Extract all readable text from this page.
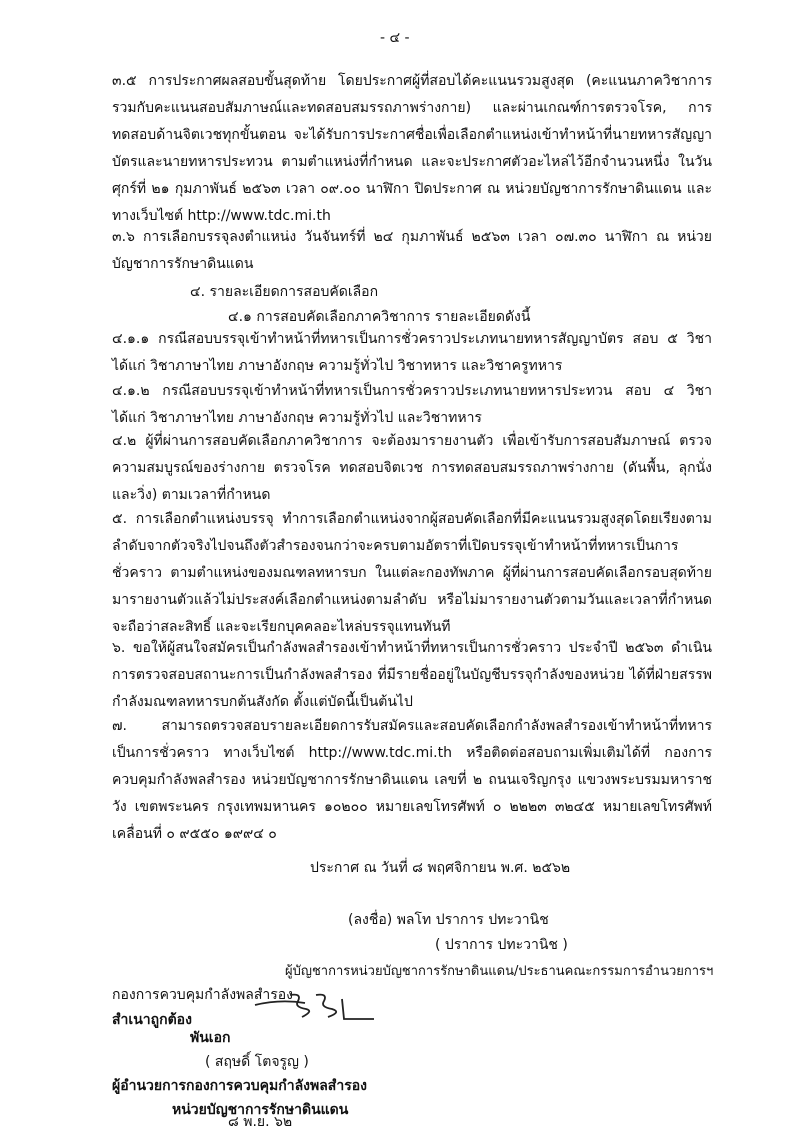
- ๔ -

๓.๕ การประกาศผลสอบขั้นสุดท้าย โดยประกาศผู้ที่สอบได้คะแนนรวมสูงสุด (คะแนนภาควิชาการรวมกับคะแนนสอบสัมภาษณ์และทดสอบสมรรถภาพร่างกาย) และผ่านเกณฑ์การตรวจโรค, การทดสอบด้านจิตเวชทุกขั้นตอน จะได้รับการประกาศชื่อเพื่อเลือกตำแหน่งเข้าทำหน้าที่นายทหารสัญญาบัตรและนายทหารประทวน ตามตำแหน่งที่กำหนด และจะประกาศตัวอะไหล่ไว้อีกจำนวนหนึ่ง ในวันศุกร์ที่ ๒๑ กุมภาพันธ์ ๒๕๖๓ เวลา ๐๙.๐๐ นาฬิกา ปิดประกาศ ณ หน่วยบัญชาการรักษาดินแดน และทางเว็บไซต์ http://www.tdc.mi.th

๓.๖ การเลือกบรรจุลงตำแหน่ง วันจันทร์ที่ ๒๔ กุมภาพันธ์ ๒๕๖๓ เวลา ๐๗.๓๐ นาฬิกา ณ หน่วยบัญชาการรักษาดินแดน

๔. รายละเอียดการสอบคัดเลือก
๔.๑ การสอบคัดเลือกภาควิชาการ รายละเอียดดังนี้

๔.๑.๑ กรณีสอบบรรจุเข้าทำหน้าที่ทหารเป็นการชั่วคราวประเภทนายทหารสัญญาบัตร สอบ ๕ วิชา ได้แก่ วิชาภาษาไทย ภาษาอังกฤษ ความรู้ทั่วไป วิชาทหาร และวิชาครูทหาร

๔.๑.๒ กรณีสอบบรรจุเข้าทำหน้าที่ทหารเป็นการชั่วคราวประเภทนายทหารประทวน สอบ ๔ วิชา ได้แก่ วิชาภาษาไทย ภาษาอังกฤษ ความรู้ทั่วไป และวิชาทหาร

๔.๒ ผู้ที่ผ่านการสอบคัดเลือกภาควิชาการ จะต้องมารายงานตัว เพื่อเข้ารับการสอบสัมภาษณ์ ตรวจความสมบูรณ์ของร่างกาย ตรวจโรค ทดสอบจิตเวช การทดสอบสมรรถภาพร่างกาย (ดันพื้น, ลุกนั่ง และวิ่ง) ตามเวลาที่กำหนด

๕. การเลือกตำแหน่งบรรจุ ทำการเลือกตำแหน่งจากผู้สอบคัดเลือกที่มีคะแนนรวมสูงสุดโดยเรียงตามลำดับจากตัวจริงไปจนถึงตัวสำรองจนกว่าจะครบตามอัตราที่เปิดบรรจุเข้าทำหน้าที่ทหารเป็นการชั่วคราว ตามตำแหน่งของมณฑลทหารบก ในแต่ละกองทัพภาค ผู้ที่ผ่านการสอบคัดเลือกรอบสุดท้ายมารายงานตัวแล้วไม่ประสงค์เลือกตำแหน่งตามลำดับ หรือไม่มารายงานตัวตามวันและเวลาที่กำหนด จะถือว่าสละสิทธิ์ และจะเรียกบุคคลอะไหล่บรรจุแทนทันที

๖. ขอให้ผู้สนใจสมัครเป็นกำลังพลสำรองเข้าทำหน้าที่ทหารเป็นการชั่วคราว ประจำปี ๒๕๖๓ ดำเนินการตรวจสอบสถานะการเป็นกำลังพลสำรอง ที่มีรายชื่ออยู่ในบัญชีบรรจุกำลังของหน่วย ได้ที่ฝ่ายสรรพกำลังมณฑลทหารบกต้นสังกัด ตั้งแต่บัดนี้เป็นต้นไป

๗. สามารถตรวจสอบรายละเอียดการรับสมัครและสอบคัดเลือกกำลังพลสำรองเข้าทำหน้าที่ทหารเป็นการชั่วคราว ทางเว็บไซต์ http://www.tdc.mi.th หรือติดต่อสอบถามเพิ่มเติมได้ที่ กองการควบคุมกำลังพลสำรอง หน่วยบัญชาการรักษาดินแดน เลขที่ ๒ ถนนเจริญกรุง แขวงพระบรมมหาราชวัง เขตพระนคร กรุงเทพมหานคร ๑๐๒๐๐ หมายเลขโทรศัพท์ ๐ ๒๒๒๓ ๓๒๔๕ หมายเลขโทรศัพท์เคลื่อนที่ ๐ ๙๕๕๐ ๑๙๙๔ ๐

ประกาศ ณ วันที่ ๘ พฤศจิกายน พ.ศ. ๒๕๖๒
(ลงชื่อ) พลโท ปราการ ปทะวานิช
( ปราการ ปทะวานิช )
ผู้บัญชาการหน่วยบัญชาการรักษาดินแดน/ประธานคณะกรรมการอำนวยการฯ
กองการควบคุมกำลังพลสำรอง
สำเนาถูกต้อง
พันเอก
( สฤษดิ์ โตจรูญ )
ผู้อำนวยการกองการควบคุมกำลังพลสำรอง
หน่วยบัญชาการรักษาดินแดน
๘ พ.ย. ๖๒
